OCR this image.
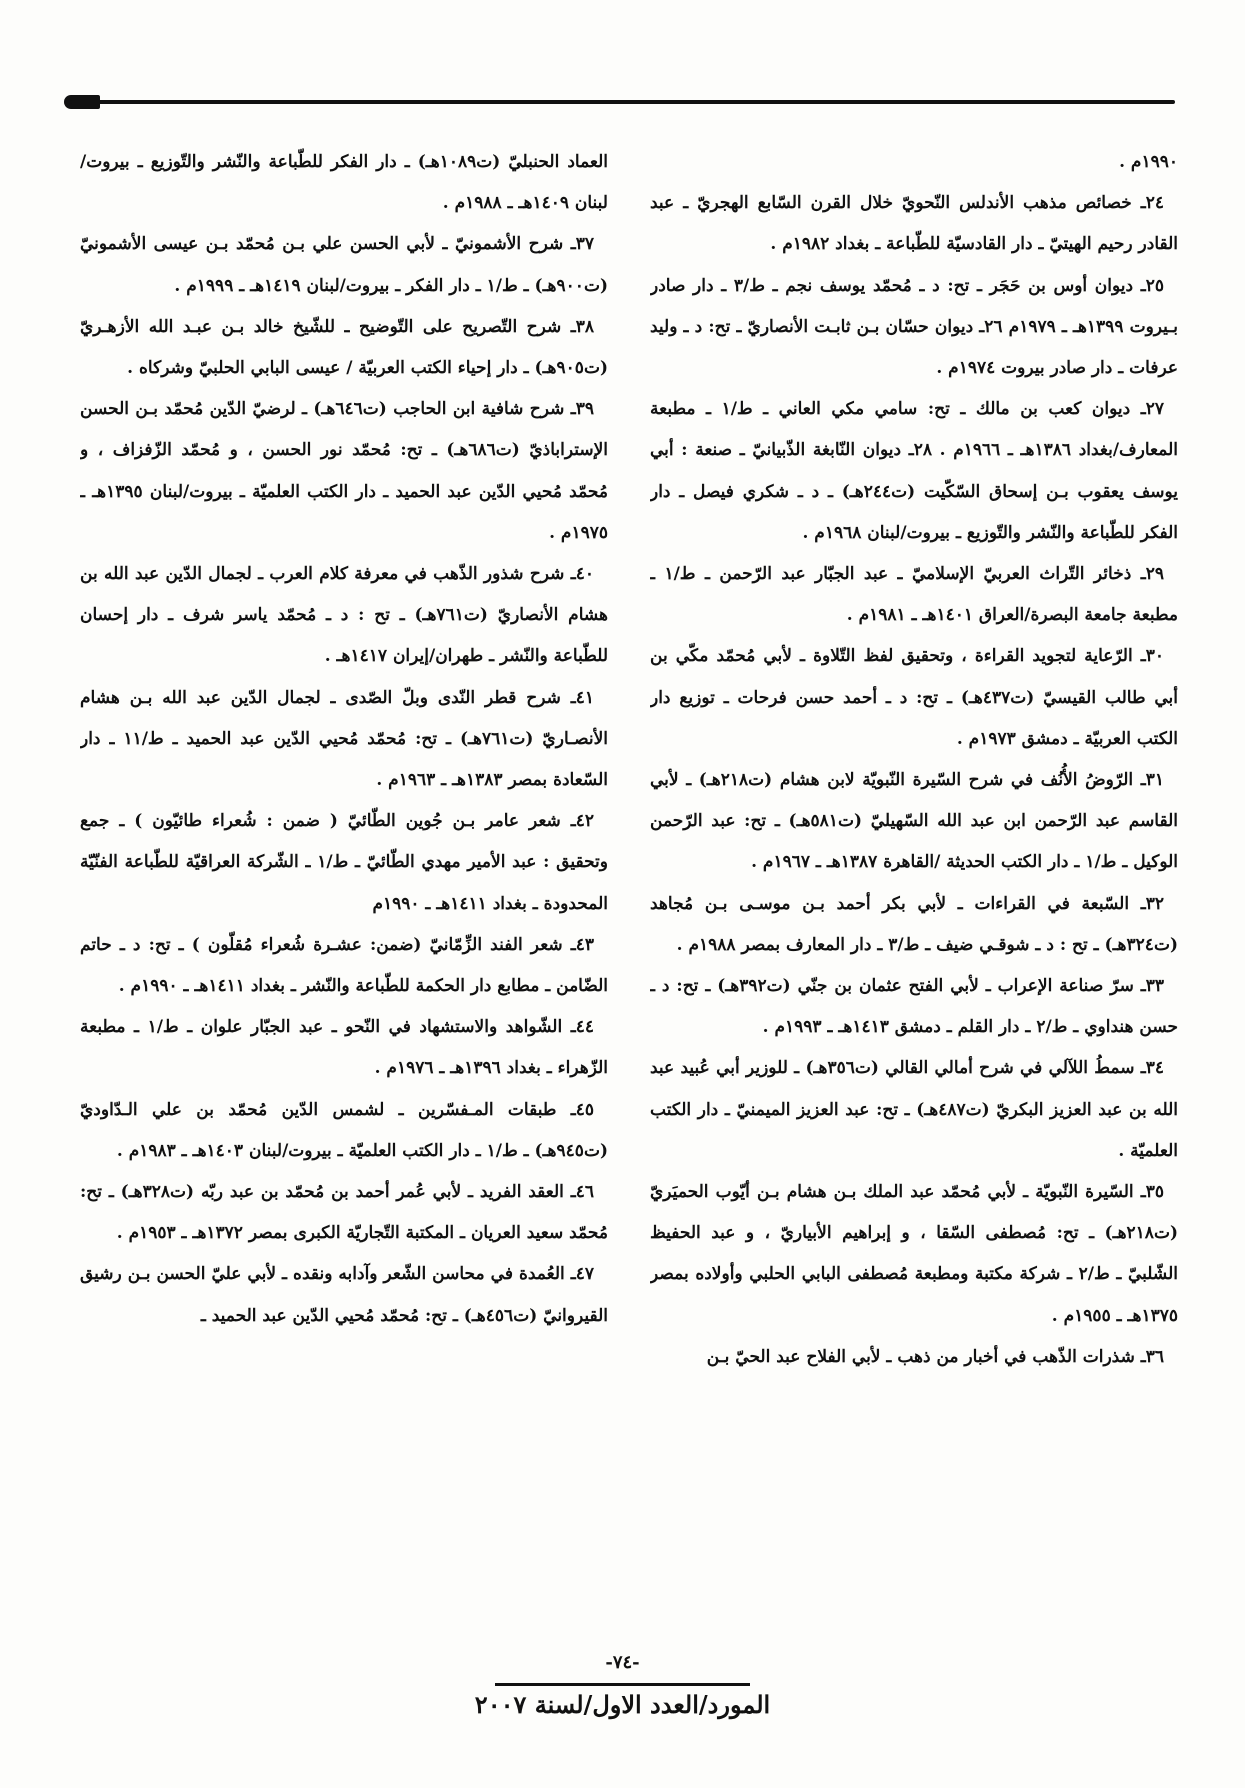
١٩٩٠م .

٢٤ـ خصائص مذهب الأندلس النّحويّ خلال القرن السّابع الهجريّ ـ عبد القادر رحيم الهيتيّ ـ دار القادسيّة للطّباعة ـ بغداد ١٩٨٢م .

٢٥ـ ديوان أوس بن حَجَر ـ تح: د ـ مُحمّد يوسف نجم ـ ط/٣ ـ دار صادر بـيروت ١٣٩٩هـ ـ ١٩٧٩م ٢٦ـ ديوان حسّان بـن ثابـت الأنصاريّ ـ تح: د ـ وليد عرفات ـ دار صادر بيروت ١٩٧٤م .

٢٧ـ ديوان كعب بن مالك ـ تح: سامي مكي العاني ـ ط/١ ـ مطبعة المعارف/بغداد ١٣٨٦هـ ـ ١٩٦٦م . ٢٨ـ ديوان النّابغة الذّبيانيّ ـ صنعة : أبي يوسف يعقوب بـن إسحاق السّكّيت (ت٢٤٤هـ) ـ د ـ شكري فيصل ـ دار الفكر للطّباعة والنّشر والتّوزيع ـ بيروت/لبنان ١٩٦٨م .

٢٩ـ ذخائر التّراث العربيّ الإسلاميّ ـ عبد الجبّار عبد الرّحمن ـ ط/١ ـ مطبعة جامعة البصرة/العراق ١٤٠١هـ ـ ١٩٨١م .

٣٠ـ الرّعاية لتجويد القراءة ، وتحقيق لفظ التّلاوة ـ لأبي مُحمّد مكّي بن أبي طالب القيسيّ (ت٤٣٧هـ) ـ تح: د ـ أحمد حسن فرحات ـ توزيع دار الكتب العربيّة ـ دمشق ١٩٧٣م .

٣١ـ الرّوضُ الأُنُف في شرح السّيرة النّبويّة لابن هشام (ت٢١٨هـ) ـ لأبي القاسم عبد الرّحمن ابن عبد الله السّهيليّ (ت٥٨١هـ) ـ تح: عبد الرّحمن الوكيل ـ ط/١ ـ دار الكتب الحديثة /القاهرة ١٣٨٧هـ ـ ١٩٦٧م .

٣٢ـ السّبعة في القراءات ـ لأبي بكر أحمد بـن موسـى بـن مُجاهد (ت٣٢٤هـ) ـ تح : د ـ شوقـي ضيف ـ ط/٣ ـ دار المعارف بمصر ١٩٨٨م .

٣٣ـ سرّ صناعة الإعراب ـ لأبي الفتح عثمان بن جنّي (ت٣٩٢هـ) ـ تح: د ـ حسن هنداوي ـ ط/٢ ـ دار القلم ـ دمشق ١٤١٣هـ ـ ١٩٩٣م .

٣٤ـ سمطُ اللآلي في شرح أمالي القالي (ت٣٥٦هـ) ـ للوزير أبي عُبيد عبد الله بن عبد العزيز البكريّ (ت٤٨٧هـ) ـ تح: عبد العزيز الميمنيّ ـ دار الكتب العلميّة .

٣٥ـ السّيرة النّبويّة ـ لأبي مُحمّد عبد الملك بـن هشام بـن أيّوب الحميَريّ (ت٢١٨هـ) ـ تح: مُصطفى السّقا ، و إبراهيم الأبياريّ ، و عبد الحفيظ الشّلبيّ ـ ط/٢ ـ شركة مكتبة ومطبعة مُصطفى البابي الحلبي وأولاده بمصر ١٣٧٥هـ ـ ١٩٥٥م .

٣٦ـ شذرات الذّهب في أخبار من ذهب ـ لأبي الفلاح عبد الحيّ بـن

العماد الحنبليّ (ت١٠٨٩هـ) ـ دار الفكر للطّباعة والنّشر والتّوزيع ـ بيروت/لبنان ١٤٠٩هـ ـ ١٩٨٨م .

٣٧ـ شرح الأشمونيّ ـ لأبي الحسن علي بـن مُحمّد بـن عيسى الأشمونيّ (ت٩٠٠هـ) ـ ط/١ ـ دار الفكر ـ بيروت/لبنان ١٤١٩هـ ـ ١٩٩٩م .

٣٨ـ شرح التّصريح على التّوضيح ـ للشّيخ خالد بـن عبـد الله الأزهـريّ (ت٩٠٥هـ) ـ دار إحياء الكتب العربيّة / عيسى البابي الحلبيّ وشركاه .

٣٩ـ شرح شافية ابن الحاجب (ت٦٤٦هـ) ـ لرضيّ الدّين مُحمّد بـن الحسن الإستراباذيّ (ت٦٨٦هـ) ـ تح: مُحمّد نور الحسن ، و مُحمّد الزّفزاف ، و مُحمّد مُحيي الدّين عبد الحميد ـ دار الكتب العلميّة ـ بيروت/لبنان ١٣٩٥هـ ـ ١٩٧٥م .

٤٠ـ شرح شذور الذّهب في معرفة كلام العرب ـ لجمال الدّين عبد الله بن هشام الأنصاريّ (ت٧٦١هـ) ـ تح : د ـ مُحمّد ياسر شرف ـ دار إحسان للطّباعة والنّشر ـ طهران/إيران ١٤١٧هـ .

٤١ـ شرح قطر النّدى وبلّ الصّدى ـ لجمال الدّين عبد الله بـن هشام الأنصـاريّ (ت٧٦١هـ) ـ تح: مُحمّد مُحيي الدّين عبد الحميد ـ ط/١١ ـ دار السّعادة بمصر ١٣٨٣هـ ـ ١٩٦٣م .

٤٢ـ شعر عامر بـن جُوين الطّائيّ ( ضمن : شُعراء طائيّون ) ـ جمع وتحقيق : عبد الأمير مهدي الطّائيّ ـ ط/١ ـ الشّركة العراقيّة للطّباعة الفنّيّة المحدودة ـ بغداد ١٤١١هـ ـ ١٩٩٠م

٤٣ـ شعر الفند الزِّمّانيّ (ضمن: عشـرة شُعراء مُقلّون ) ـ تح: د ـ حاتم الضّامن ـ مطابع دار الحكمة للطّباعة والنّشر ـ بغداد ١٤١١هـ ـ ١٩٩٠م .

٤٤ـ الشّواهد والاستشهاد في النّحو ـ عبد الجبّار علوان ـ ط/١ ـ مطبعة الزّهراء ـ بغداد ١٣٩٦هـ ـ ١٩٧٦م .

٤٥ـ طبقات المـفسّرين ـ لشمس الدّين مُحمّد بن علي الـدّاوديّ (ت٩٤٥هـ) ـ ط/١ ـ دار الكتب العلميّة ـ بيروت/لبنان ١٤٠٣هـ ـ ١٩٨٣م .

٤٦ـ العقد الفريد ـ لأبي عُمر أحمد بن مُحمّد بن عبد ربّه (ت٣٢٨هـ) ـ تح: مُحمّد سعيد العريان ـ المكتبة التّجاريّة الكبرى بمصر ١٣٧٢هـ ـ ١٩٥٣م .

٤٧ـ العُمدة في محاسن الشّعر وآدابه ونقده ـ لأبي عليّ الحسن بـن رشيق القيروانيّ (ت٤٥٦هـ) ـ تح: مُحمّد مُحيي الدّين عبد الحميد ـ

-٧٤-
المورد/العدد الاول/لسنة ٢٠٠٧
